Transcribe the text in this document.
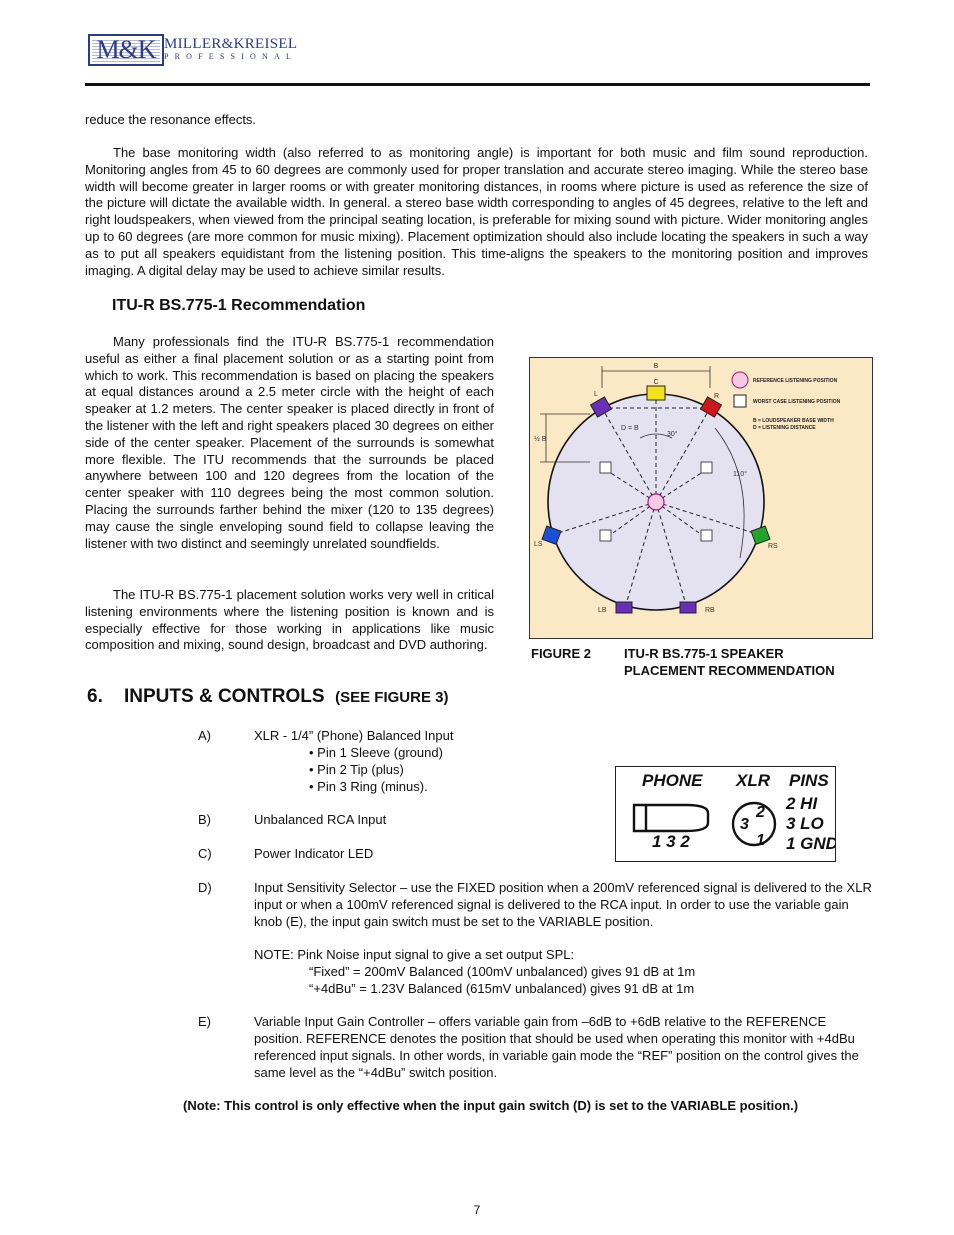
M&K MILLER&KREISEL
PROFESSIONAL

reduce the resonance effects.

The base monitoring width (also referred to as monitoring angle) is important for both music and film sound reproduction. Monitoring angles from 45 to 60 degrees are commonly used for proper translation and accurate stereo imaging. While the stereo base width will become greater in larger rooms or with greater monitoring distances, in rooms where picture is used as reference the size of the picture will dictate the available width. In general. a stereo base width corresponding to angles of 45 degrees, relative to the left and right loudspeakers, when viewed from the principal seating location, is preferable for mixing sound with picture. Wider monitoring angles up to 60 degrees (are more common for music mixing). Placement optimization should also include locating the speakers in such a way as to put all speakers equidistant from the listening position. This time-aligns the speakers to the monitoring position and improves imaging. A digital delay may be used to achieve similar results.

ITU-R BS.775-1 Recommendation

Many professionals find the ITU-R BS.775-1 recommendation useful as either a final placement solution or as a starting point from which to work. This recommendation is based on placing the speakers at equal distances around a 2.5 meter circle with the height of each speaker at 1.2 meters. The center speaker is placed directly in front of the listener with the left and right speakers placed 30 degrees on either side of the center speaker. Placement of the surrounds is somewhat more flexible. The ITU recommends that the surrounds be placed anywhere between 100 and 120 degrees from the location of the center speaker with 110 degrees being the most common solution. Placing the surrounds farther behind the mixer (120 to 135 degrees) may cause the single enveloping sound field to collapse leaving the listener with two distinct and seemingly unrelated soundfields.

The ITU-R BS.775-1 placement solution works very well in critical listening environments where the listening position is known and is especially effective for those working in applications like music composition and mixing, sound design, broadcast and DVD authoring.

B
C
L	R
LS	RS
LB	RB
½ B
D = B
30°
110°
REFERENCE LISTENING POSITION
WORST CASE LISTENING POSITION
B = LOUDSPEAKER BASE WIDTH
D = LISTENING DISTANCE
FIGURE 2	ITU-R BS.775-1 SPEAKER
PLACEMENT RECOMMENDATION
6. INPUTS & CONTROLS (SEE FIGURE 3)
A)	XLR - 1/4” (Phone) Balanced Input
• Pin 1 Sleeve (ground)
• Pin 2 Tip (plus)
• Pin 3 Ring (minus).
B)	Unbalanced RCA Input
C)	Power Indicator LED
D)	Input Sensitivity Selector – use the FIXED position when a 200mV referenced signal is delivered to the XLR input or when a 100mV referenced signal is delivered to the RCA input. In order to use the variable gain knob (E), the input gain switch must be set to the VARIABLE position.
NOTE: Pink Noise input signal to give a set output SPL:
“Fixed” = 200mV Balanced (100mV unbalanced) gives 91 dB at 1m
“+4dBu” = 1.23V Balanced (615mV unbalanced) gives 91 dB at 1m
E)	Variable Input Gain Controller – offers variable gain from –6dB to +6dB relative to the REFERENCE position. REFERENCE denotes the position that should be used when operating this monitor with +4dBu referenced input signals. In other words, in variable gain mode the “REF” position on the control gives the same level as the “+4dBu” switch position.
(Note: This control is only effective when the input gain switch (D) is set to the VARIABLE position.)
PHONE XLR PINS
1 3 2
2
3
1
2 HI
3 LO
1 GND
7
